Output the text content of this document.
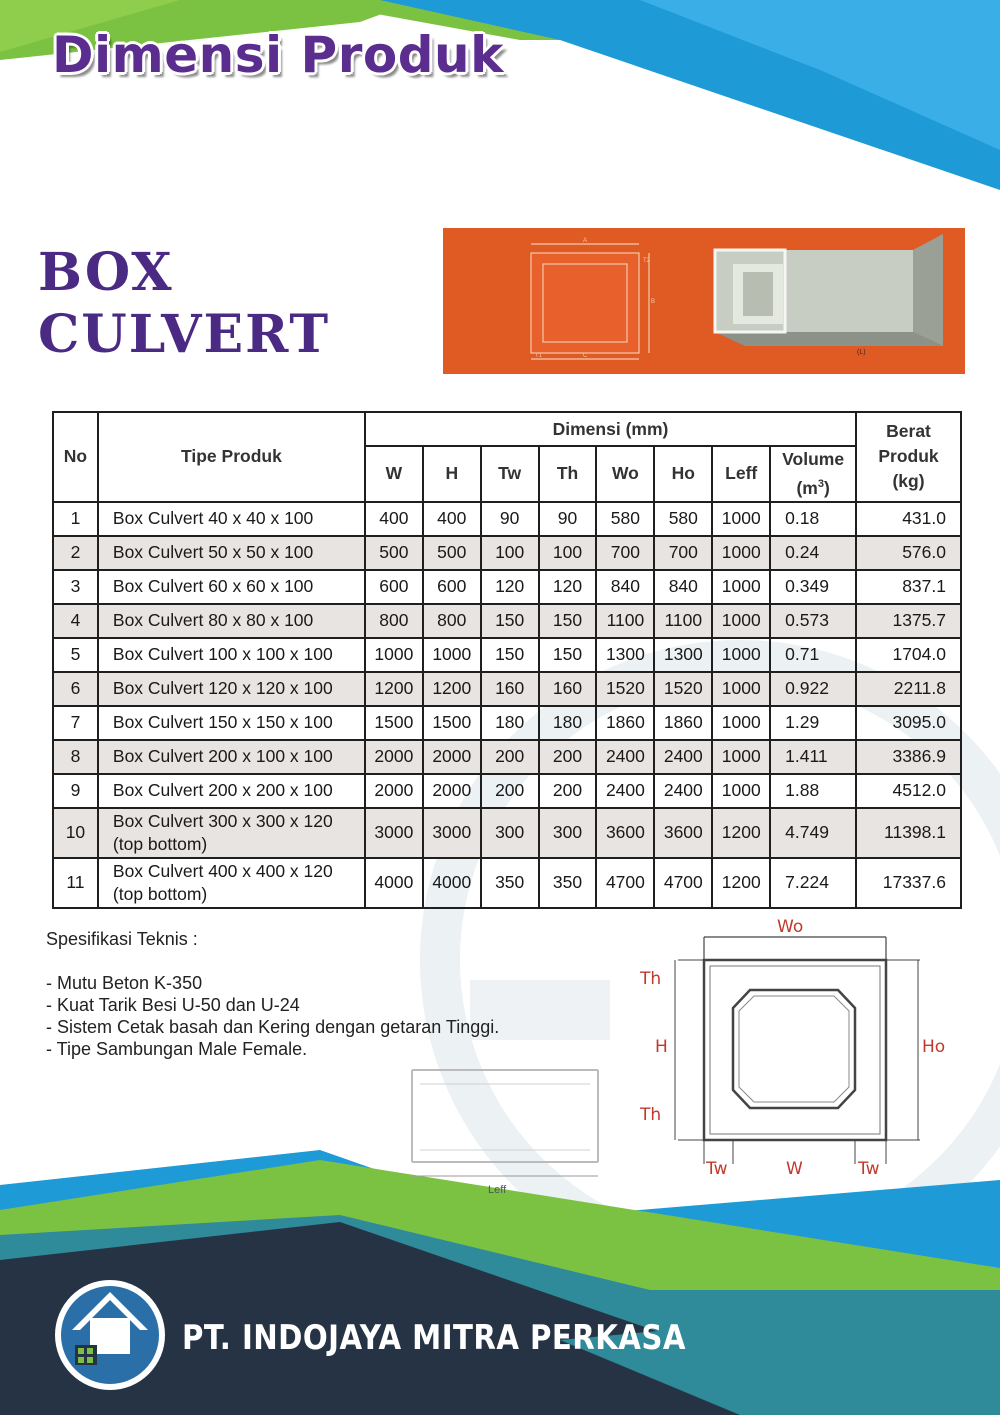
Dimensi Produk
BOX
CULVERT
A
B
C
T1
T2
(L)
No	Tipe Produk	Dimensi (mm)								Berat
Produk
(kg)

		W	H	Tw	Th	Wo	Ho	Leff	Volume
$(m^3)$	

1	Box Culvert 40 x 40 x 100	400	400	90	90	580	580	1000	0.18	431.0
2	Box Culvert 50 x 50 x 100	500	500	100	100	700	700	1000	0.24	576.0
3	Box Culvert 60 x 60 x 100	600	600	120	120	840	840	1000	0.349	837.1
4	Box Culvert 80 x 80 x 100	800	800	150	150	1100	1100	1000	0.573	1375.7
5	Box Culvert 100 x 100 x 100	1000	1000	150	150	1300	1300	1000	0.71	1704.0
6	Box Culvert 120 x 120 x 100	1200	1200	160	160	1520	1520	1000	0.922	2211.8
7	Box Culvert 150 x 150 x 100	1500	1500	180	180	1860	1860	1000	1.29	3095.0
8	Box Culvert 200 x 100 x 100	2000	2000	200	200	2400	2400	1000	1.411	3386.9
9	Box Culvert 200 x 200 x 100	2000	2000	200	200	2400	2400	1000	1.88	4512.0
10	Box Culvert 300 x 300 x 120
(top bottom)	3000	3000	300	300	3600	3600	1200	4.749	11398.1
11	Box Culvert 400 x 400 x 120
(top bottom)	4000	4000	350	350	4700	4700	1200	7.224	17337.6
Spesifikasi Teknis :
- Mutu Beton K-350
- Kuat Tarik Besi U-50 dan U-24
- Sistem Cetak basah dan Kering dengan getaran Tinggi.
- Tipe Sambungan Male Female.
Leff
Wo
Th
H	Ho
Th
Tw	W	Tw
PT. INDOJAYA MITRA PERKASA
